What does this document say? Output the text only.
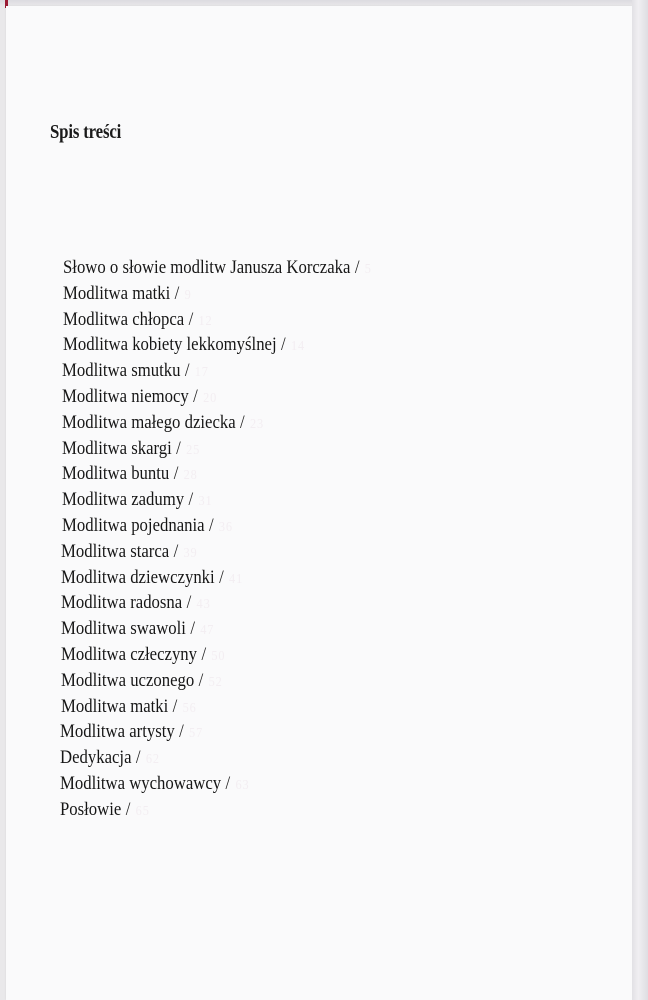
Spis treści
Słowo o słowie modlitw Janusza Korczaka / 5
Modlitwa matki / 9
Modlitwa chłopca / 12
Modlitwa kobiety lekkomyślnej / 14
Modlitwa smutku / 17
Modlitwa niemocy / 20
Modlitwa małego dziecka / 23
Modlitwa skargi / 25
Modlitwa buntu / 28
Modlitwa zadumy / 31
Modlitwa pojednania / 36
Modlitwa starca / 39
Modlitwa dziewczynki / 41
Modlitwa radosna / 43
Modlitwa swawoli / 47
Modlitwa człeczyny / 50
Modlitwa uczonego / 52
Modlitwa matki / 56
Modlitwa artysty / 57
Dedykacja / 62
Modlitwa wychowawcy / 63
Posłowie / 65
